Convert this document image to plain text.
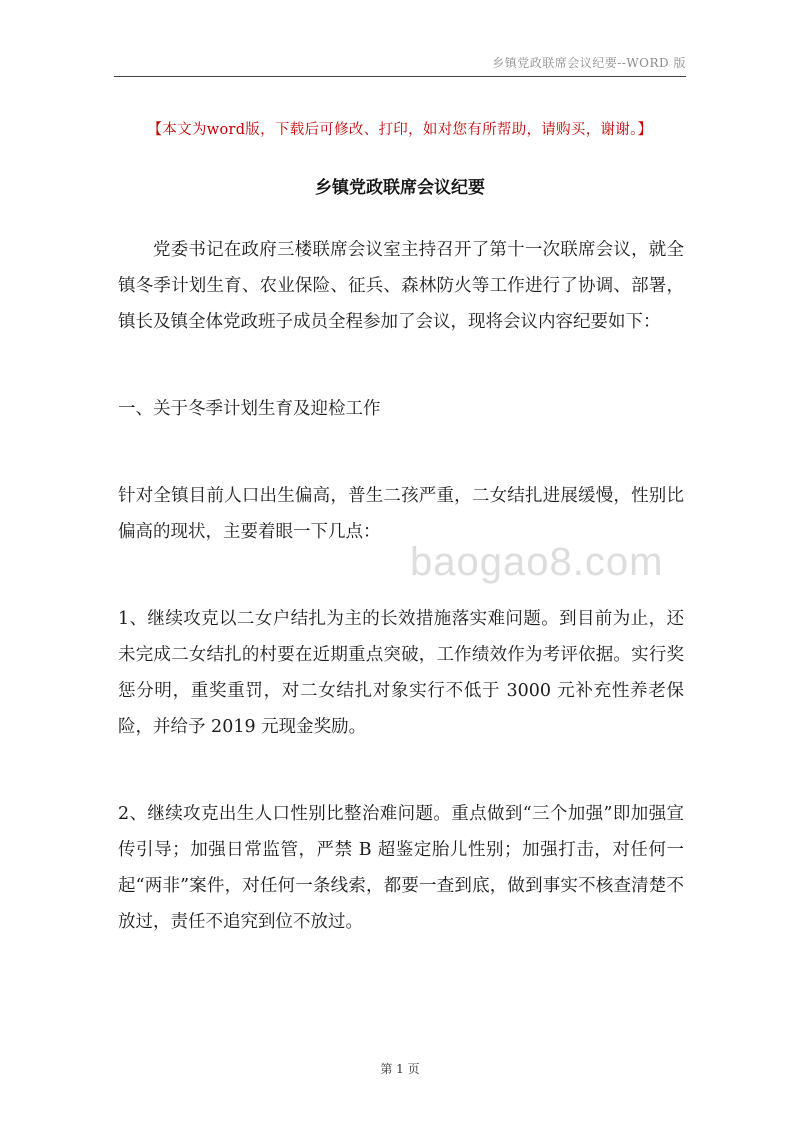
乡镇党政联席会议纪要--WORD 版
【本文为word版，下载后可修改、打印，如对您有所帮助，请购买，谢谢。】
乡镇党政联席会议纪要

党委书记在政府三楼联席会议室主持召开了第十一次联席会议，就全镇冬季计划生育、农业保险、征兵、森林防火等工作进行了协调、部署，镇长及镇全体党政班子成员全程参加了会议，现将会议内容纪要如下：

一、关于冬季计划生育及迎检工作

针对全镇目前人口出生偏高，普生二孩严重，二女结扎进展缓慢，性别比偏高的现状，主要着眼一下几点：

1、继续攻克以二女户结扎为主的长效措施落实难问题。到目前为止，还未完成二女结扎的村要在近期重点突破，工作绩效作为考评依据。实行奖惩分明，重奖重罚，对二女结扎对象实行不低于 3000 元补充性养老保险，并给予 2019 元现金奖励。

2、继续攻克出生人口性别比整治难问题。重点做到“三个加强”即加强宣传引导；加强日常监管，严禁 B 超鉴定胎儿性别；加强打击，对任何一起“两非”案件，对任何一条线索，都要一查到底，做到事实不核查清楚不放过，责任不追究到位不放过。

baogao8.com
第 1 页
